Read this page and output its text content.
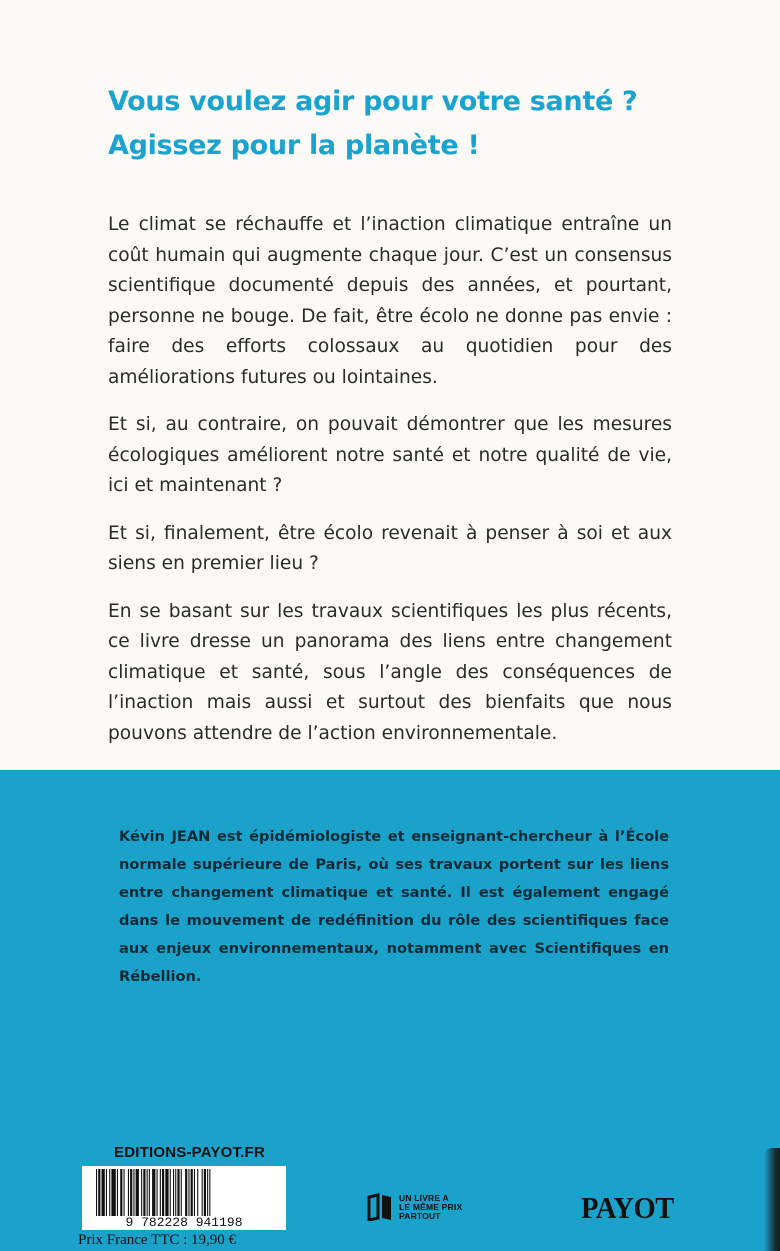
Vous voulez agir pour votre santé ?
Agissez pour la planète !

Le climat se réchauffe et l’inaction climatique entraîne un coût humain qui augmente chaque jour. C’est un consensus scientifique documenté depuis des années, et pourtant, personne ne bouge. De fait, être écolo ne donne pas envie : faire des efforts colossaux au quotidien pour des améliorations futures ou lointaines.

Et si, au contraire, on pouvait démontrer que les mesures écologiques améliorent notre santé et notre qualité de vie, ici et maintenant ?

Et si, finalement, être écolo revenait à penser à soi et aux siens en premier lieu ?

En se basant sur les travaux scientifiques les plus récents, ce livre dresse un panorama des liens entre changement climatique et santé, sous l’angle des conséquences de l’inaction mais aussi et surtout des bienfaits que nous pouvons attendre de l’action environnementale.

Kévin JEAN est épidémiologiste et enseignant-chercheur à l’École normale supérieure de Paris, où ses travaux portent sur les liens entre changement climatique et santé. Il est également engagé dans le mouvement de redéfinition du rôle des scientifiques face aux enjeux environnementaux, notamment avec Scientifiques en Rébellion.
EDITIONS-PAYOT.FR
9 782228 941198
Prix France TTC : 19,90 €
UN LIVRE A
LE MÊME PRIX
PARTOUT	PAYOT
